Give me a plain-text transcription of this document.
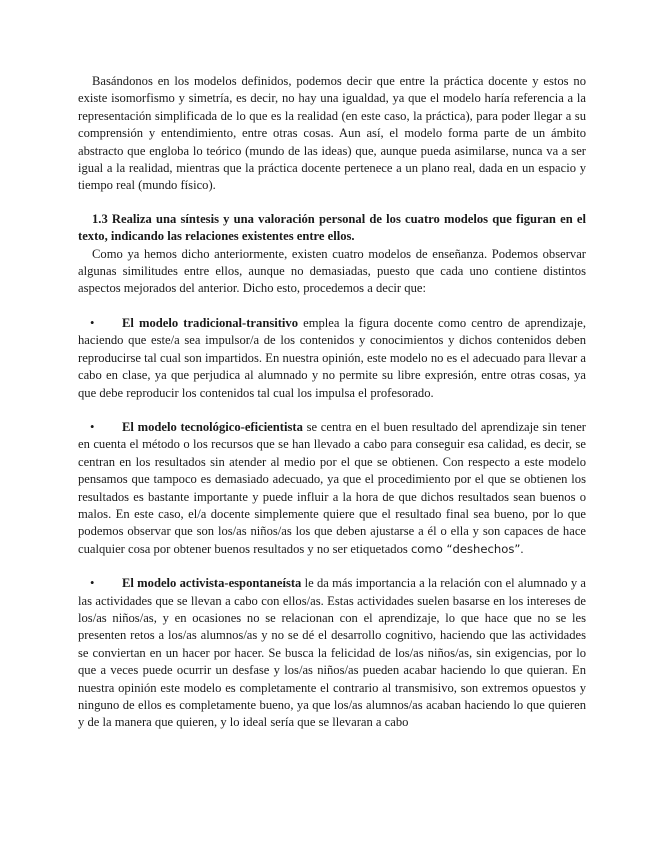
Basándonos en los modelos definidos, podemos decir que entre la práctica docente y estos no existe isomorfismo y simetría, es decir, no hay una igualdad, ya que el modelo haría referencia a la representación simplificada de lo que es la realidad (en este caso, la práctica), para poder llegar a su comprensión y entendimiento, entre otras cosas. Aun así, el modelo forma parte de un ámbito abstracto que engloba lo teórico (mundo de las ideas) que, aunque pueda asimilarse, nunca va a ser igual a la realidad, mientras que la práctica docente pertenece a un plano real, dada en un espacio y tiempo real (mundo físico).

1.3 Realiza una síntesis y una valoración personal de los cuatro modelos que figuran en el texto, indicando las relaciones existentes entre ellos.

Como ya hemos dicho anteriormente, existen cuatro modelos de enseñanza. Podemos observar algunas similitudes entre ellos, aunque no demasiadas, puesto que cada uno contiene distintos aspectos mejorados del anterior. Dicho esto, procedemos a decir que:

• El modelo tradicional-transitivo emplea la figura docente como centro de aprendizaje, haciendo que este/a sea impulsor/a de los contenidos y conocimientos y dichos contenidos deben reproducirse tal cual son impartidos. En nuestra opinión, este modelo no es el adecuado para llevar a cabo en clase, ya que perjudica al alumnado y no permite su libre expresión, entre otras cosas, ya que debe reproducir los contenidos tal cual los impulsa el profesorado.

• El modelo tecnológico-eficientista se centra en el buen resultado del aprendizaje sin tener en cuenta el método o los recursos que se han llevado a cabo para conseguir esa calidad, es decir, se centran en los resultados sin atender al medio por el que se obtienen. Con respecto a este modelo pensamos que tampoco es demasiado adecuado, ya que el procedimiento por el que se obtienen los resultados es bastante importante y puede influir a la hora de que dichos resultados sean buenos o malos. En este caso, el/a docente simplemente quiere que el resultado final sea bueno, por lo que podemos observar que son los/as niños/as los que deben ajustarse a él o ella y son capaces de hace cualquier cosa por obtener buenos resultados y no ser etiquetados como “deshechos”.

• El modelo activista-espontaneísta le da más importancia a la relación con el alumnado y a las actividades que se llevan a cabo con ellos/as. Estas actividades suelen basarse en los intereses de los/as niños/as, y en ocasiones no se relacionan con el aprendizaje, lo que hace que no se les presenten retos a los/as alumnos/as y no se dé el desarrollo cognitivo, haciendo que las actividades se conviertan en un hacer por hacer. Se busca la felicidad de los/as niños/as, sin exigencias, por lo que a veces puede ocurrir un desfase y los/as niños/as pueden acabar haciendo lo que quieran. En nuestra opinión este modelo es completamente el contrario al transmisivo, son extremos opuestos y ninguno de ellos es completamente bueno, ya que los/as alumnos/as acaban haciendo lo que quieren y de la manera que quieren, y lo ideal sería que se llevaran a cabo
